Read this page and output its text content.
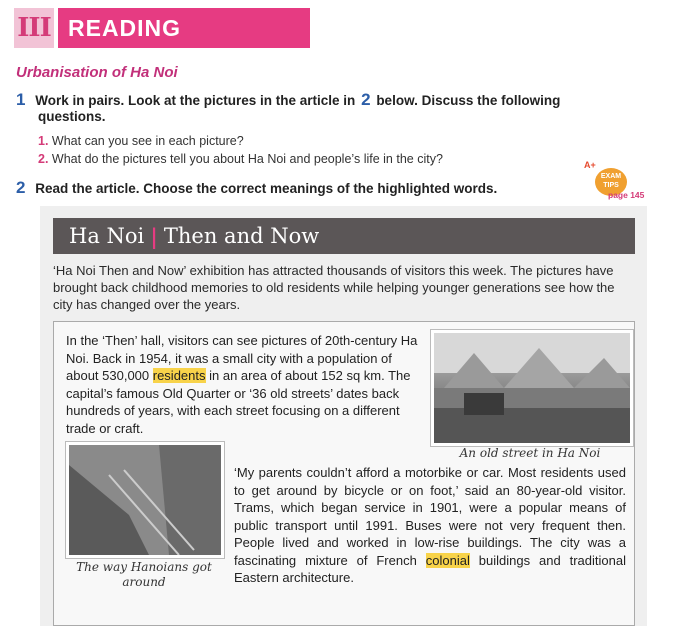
III READING
Urbanisation of Ha Noi
1 Work in pairs. Look at the pictures in the article in 2 below. Discuss the following
questions.
1. What can you see in each picture?
2. What do the pictures tell you about Ha Noi and people’s life in the city?
2 Read the article. Choose the correct meanings of the highlighted words.
A+
EXAM
TIPS
page 145
Ha Noi | Then and Now
‘Ha Noi Then and Now’ exhibition has attracted thousands of visitors this week. The pictures have brought back childhood memories to old residents while helping younger generations see how the city has changed over the years.
In the ‘Then’ hall, visitors can see pictures of 20th-century Ha Noi. Back in 1954, it was a small city with a population of about 530,000 residents in an area of about 152 sq km. The capital’s famous Old Quarter or ‘36 old streets’ dates back hundreds of years, with each street focusing on a different trade or craft.
An old street in Ha Noi
The way Hanoians got
around
‘My parents couldn’t afford a motorbike or car. Most residents used to get around by bicycle or on foot,’ said an 80-year-old visitor. Trams, which began service in 1901, were a popular means of public transport until 1991. Buses were not very frequent then. People lived and worked in low-rise buildings. The city was a fascinating mixture of French colonial buildings and traditional Eastern architecture.
